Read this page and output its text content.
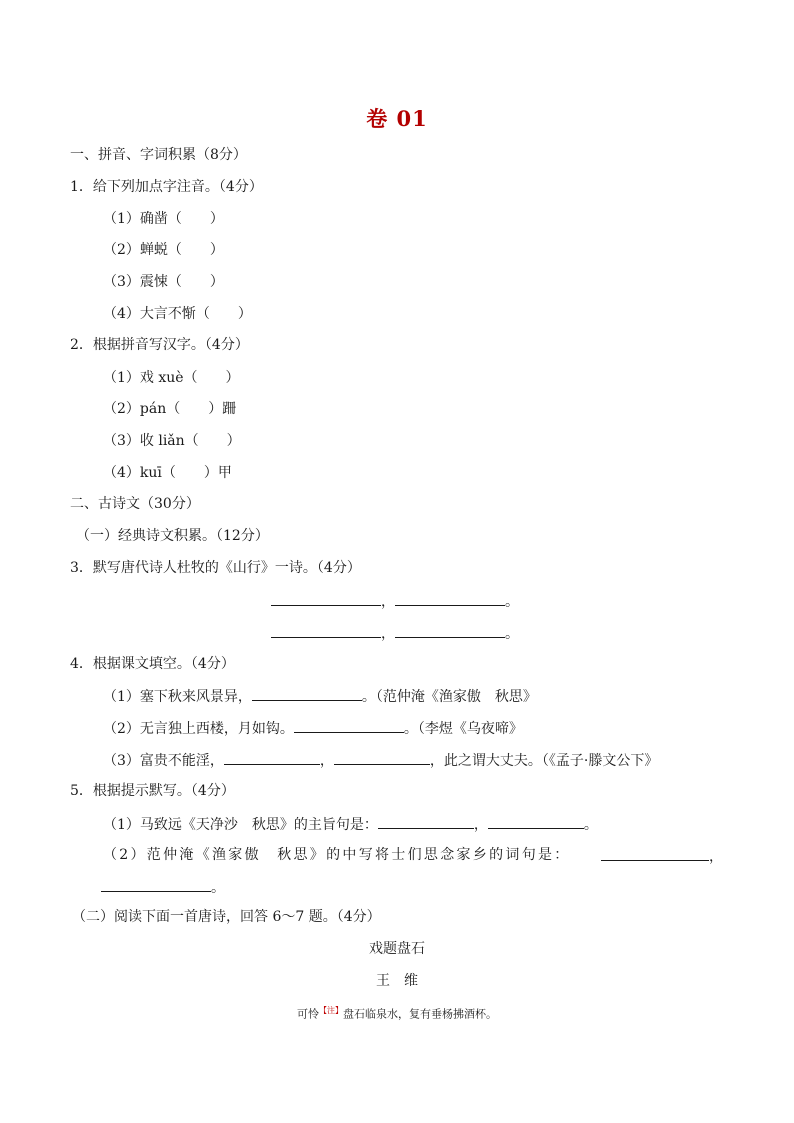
卷 01
一、拼音、字词积累（8分）
1．给下列加点字注音。（4分）
（1）确凿（　　）
（2）蝉蜕（　　）
（3）震悚（　　）
（4）大言不惭（　　）
2．根据拼音写汉字。（4分）
（1）戏 xuè（　　）
（2）pán（　　）跚
（3）收 liǎn（　　）
（4）kuī（　　）甲
二、古诗文（30分）
（一）经典诗文积累。（12分）
3．默写唐代诗人杜牧的《山行》一诗。（4分）
，	。
，	。
4．根据课文填空。（4分）
（1）塞下秋来风景异，	。（范仲淹《渔家傲　秋思》
（2）无言独上西楼，月如钩。	。（李煜《乌夜啼》
（3）富贵不能淫，	，	，此之谓大丈夫。（《孟子·滕文公下》
5．根据提示默写。（4分）
（1）马致远《天净沙　秋思》的主旨句是：	，	。
（2）范仲淹《渔家傲　秋思》的中写将士们思念家乡的词句是：	，
。
（二）阅读下面一首唐诗，回答 6～7 题。（4分）
戏题盘石
王　维
可怜$^{【注】}$盘石临泉水，复有垂杨拂酒杯。
